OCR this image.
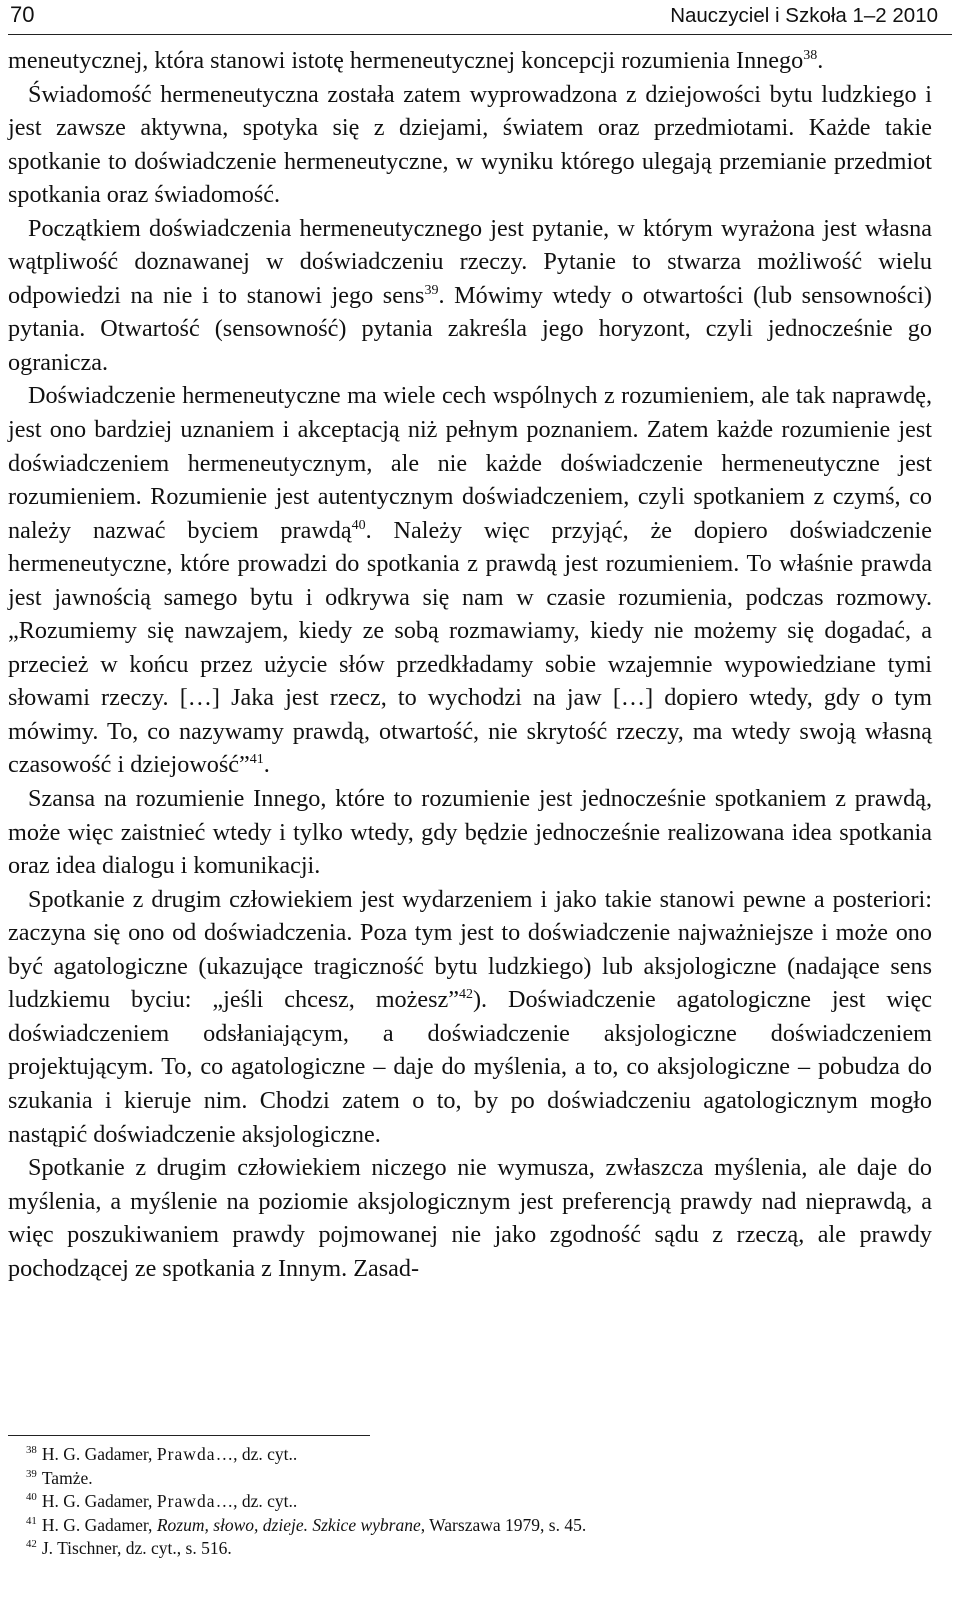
70	Nauczyciel i Szkoła 1–2 2010

meneutycznej, która stanowi istotę hermeneutycznej koncepcji rozumienia Innego$^{38}$.

Świadomość hermeneutyczna została zatem wyprowadzona z dziejowości bytu ludzkiego i jest zawsze aktywna, spotyka się z dziejami, światem oraz przedmiotami. Każde takie spotkanie to doświadczenie hermeneutyczne, w wyniku którego ulegają przemianie przedmiot spotkania oraz świadomość.

Początkiem doświadczenia hermeneutycznego jest pytanie, w którym wyrażona jest własna wątpliwość doznawanej w doświadczeniu rzeczy. Pytanie to stwarza możliwość wielu odpowiedzi na nie i to stanowi jego sens$^{39}$. Mówimy wtedy o otwartości (lub sensowności) pytania. Otwartość (sensowność) pytania zakreśla jego horyzont, czyli jednocześnie go ogranicza.

Doświadczenie hermeneutyczne ma wiele cech wspólnych z rozumieniem, ale tak naprawdę, jest ono bardziej uznaniem i akceptacją niż pełnym poznaniem. Zatem każde rozumienie jest doświadczeniem hermeneutycznym, ale nie każde doświadczenie hermeneutyczne jest rozumieniem. Rozumienie jest autentycznym doświadczeniem, czyli spotkaniem z czymś, co należy nazwać byciem prawdą$^{40}$. Należy więc przyjąć, że dopiero doświadczenie hermeneutyczne, które prowadzi do spotkania z prawdą jest rozumieniem. To właśnie prawda jest jawnością samego bytu i odkrywa się nam w czasie rozumienia, podczas rozmowy. „Rozumiemy się nawzajem, kiedy ze sobą rozmawiamy, kiedy nie możemy się dogadać, a przecież w końcu przez użycie słów przedkładamy sobie wzajemnie wypowiedziane tymi słowami rzeczy. […] Jaka jest rzecz, to wychodzi na jaw […] dopiero wtedy, gdy o tym mówimy. To, co nazywamy prawdą, otwartość, nie skrytość rzeczy, ma wtedy swoją własną czasowość i dziejowość”$^{41}$.

Szansa na rozumienie Innego, które to rozumienie jest jednocześnie spotkaniem z prawdą, może więc zaistnieć wtedy i tylko wtedy, gdy będzie jednocześnie realizowana idea spotkania oraz idea dialogu i komunikacji.

Spotkanie z drugim człowiekiem jest wydarzeniem i jako takie stanowi pewne a posteriori: zaczyna się ono od doświadczenia. Poza tym jest to doświadczenie najważniejsze i może ono być agatologiczne (ukazujące tragiczność bytu ludzkiego) lub aksjologiczne (nadające sens ludzkiemu byciu: „jeśli chcesz, możesz”$^{42}$). Doświadczenie agatologiczne jest więc doświadczeniem odsłaniającym, a doświadczenie aksjologiczne doświadczeniem projektującym. To, co agatologiczne – daje do myślenia, a to, co aksjologiczne – pobudza do szukania i kieruje nim. Chodzi zatem o to, by po doświadczeniu agatologicznym mogło nastąpić doświadczenie aksjologiczne.

Spotkanie z drugim człowiekiem niczego nie wymusza, zwłaszcza myślenia, ale daje do myślenia, a myślenie na poziomie aksjologicznym jest preferencją prawdy nad nieprawdą, a więc poszukiwaniem prawdy pojmowanej nie jako zgodność sądu z rzeczą, ale prawdy pochodzącej ze spotkania z Innym. Zasad-

$^{38}$ H. G. Gadamer, Prawda…, dz. cyt..
$^{39}$ Tamże.
$^{40}$ H. G. Gadamer, Prawda…, dz. cyt..
$^{41}$ H. G. Gadamer, Rozum, słowo, dzieje. Szkice wybrane, Warszawa 1979, s. 45.
$^{42}$ J. Tischner, dz. cyt., s. 516.
